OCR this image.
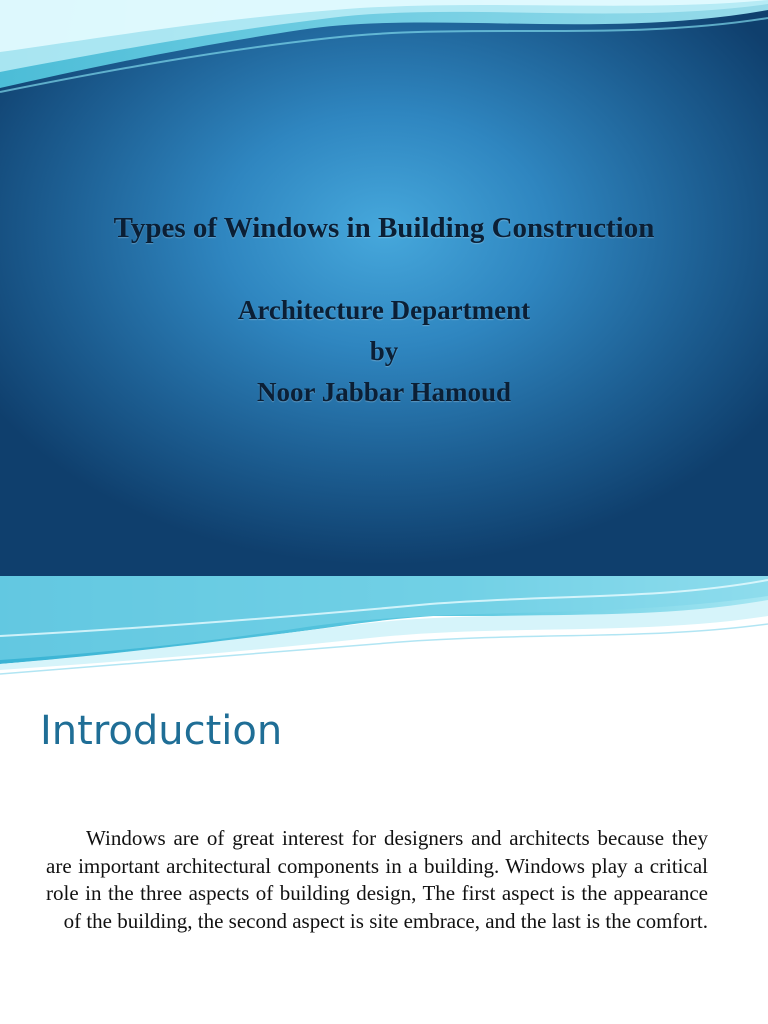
Types of Windows in Building Construction

Architecture Department

by

Noor Jabbar Hamoud

Introduction

Windows are of great interest for designers and architects because they are important architectural components in a building. Windows play a critical role in the three aspects of building design, The first aspect is the appearance of the building, the second aspect is site embrace, and the last is the comfort.
